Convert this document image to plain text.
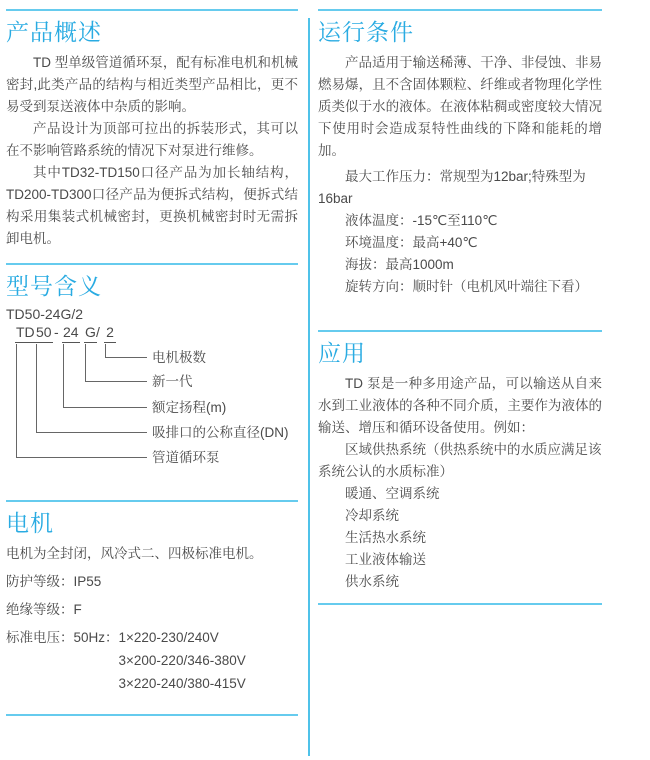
产品概述

TD 型单级管道循环泵，配有标准电机和机械密封,此类产品的结构与相近类型产品相比，更不易受到泵送液体中杂质的影响。

产品设计为顶部可拉出的拆装形式，其可以在不影响管路系统的情况下对泵进行维修。

其中TD32-TD150口径产品为加长轴结构，TD200-TD300口径产品为便拆式结构，便拆式结构采用集装式机械密封，更换机械密封时无需拆卸电机。

型号含义
TD50-24G/2
TD 50 - 24 G / 2
电机极数
新一代
额定扬程(m)
吸排口的公称直径(DN)
管道循环泵
电机
电机为全封闭，风冷式二、四极标准电机。
防护等级：IP55
绝缘等级：F
标准电压：50Hz： 1×220-230/240V
3×200-220/346-380V
3×220-240/380-415V
运行条件

产品适用于输送稀薄、干净、非侵蚀、非易燃易爆，且不含固体颗粒、纤维或者物理化学性质类似于水的液体。在液体粘稠或密度较大情况下使用时会造成泵特性曲线的下降和能耗的增加。

最大工作压力：常规型为12bar;特殊型为16bar
液体温度：-15℃至110℃
环境温度：最高+40℃
海拔：最高1000m
旋转方向：顺时针（电机风叶端往下看）
应用

TD 泵是一种多用途产品，可以输送从自来水到工业液体的各种不同介质，主要作为液体的输送、增压和循环设备使用。例如：

区域供热系统（供热系统中的水质应满足该系统公认的水质标准）
暖通、空调系统
冷却系统
生活热水系统
工业液体输送
供水系统
